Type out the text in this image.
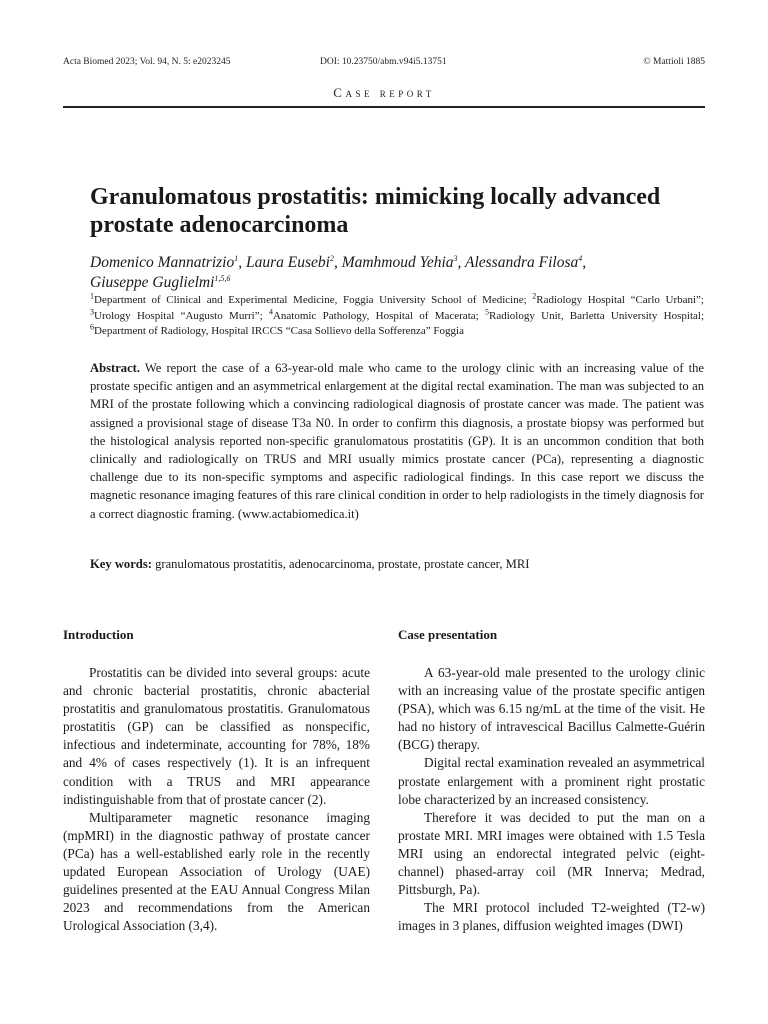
Acta Biomed 2023; Vol. 94, N. 5: e2023245	DOI: 10.23750/abm.v94i5.13751	© Mattioli 1885
Case report
Granulomatous prostatitis: mimicking locally advanced prostate adenocarcinoma
Domenico Mannatrizio$^1$, Laura Eusebi$^2$, Mamhmoud Yehia$^3$, Alessandra Filosa$^4$,
Giuseppe Guglielmi$^{1,5,6}$
$^1$Department of Clinical and Experimental Medicine, Foggia University School of Medicine; $^2$Radiology Hospital “Carlo Urbani”; $^3$Urology Hospital “Augusto Murri”; $^4$Anatomic Pathology, Hospital of Macerata; $^5$Radiology Unit, Barletta University Hospital; $^6$Department of Radiology, Hospital IRCCS “Casa Sollievo della Sofferenza” Foggia

Abstract. We report the case of a 63-year-old male who came to the urology clinic with an increasing value of the prostate specific antigen and an asymmetrical enlargement at the digital rectal examination. The man was subjected to an MRI of the prostate following which a convincing radiological diagnosis of prostate cancer was made. The patient was assigned a provisional stage of disease T3a N0. In order to confirm this diagnosis, a prostate biopsy was performed but the histological analysis reported non-specific granulomatous prostatitis (GP). It is an uncommon condition that both clinically and radiologically on TRUS and MRI usually mimics prostate cancer (PCa), representing a diagnostic challenge due to its non-specific symptoms and aspecific radiological findings. In this case report we discuss the magnetic resonance imaging features of this rare clinical condition in order to help radiologists in the timely diagnosis for a correct diagnostic framing. (www.actabiomedica.it)

Key words: granulomatous prostatitis, adenocarcinoma, prostate, prostate cancer, MRI

Introduction

Prostatitis can be divided into several groups: acute and chronic bacterial prostatitis, chronic abacterial prostatitis and granulomatous prostatitis. Granulomatous prostatitis (GP) can be classified as nonspecific, infectious and indeterminate, accounting for 78%, 18% and 4% of cases respectively (1). It is an infrequent condition with a TRUS and MRI appearance indistinguishable from that of prostate cancer (2).

Multiparameter magnetic resonance imaging (mpMRI) in the diagnostic pathway of prostate cancer (PCa) has a well-established early role in the recently updated European Association of Urology (UAE) guidelines presented at the EAU Annual Congress Milan 2023 and recommendations from the American Urological Association (3,4).

Case presentation

A 63-year-old male presented to the urology clinic with an increasing value of the prostate specific antigen (PSA), which was 6.15 ng/mL at the time of the visit. He had no history of intravescical Bacillus Calmette-Guérin (BCG) therapy.

Digital rectal examination revealed an asymmetrical prostate enlargement with a prominent right prostatic lobe characterized by an increased consistency.

Therefore it was decided to put the man on a prostate MRI. MRI images were obtained with 1.5 Tesla MRI using an endorectal integrated pelvic (eight-channel) phased-array coil (MR Innerva; Medrad, Pittsburgh, Pa).

The MRI protocol included T2-weighted (T2-w) images in 3 planes, diffusion weighted images (DWI)
